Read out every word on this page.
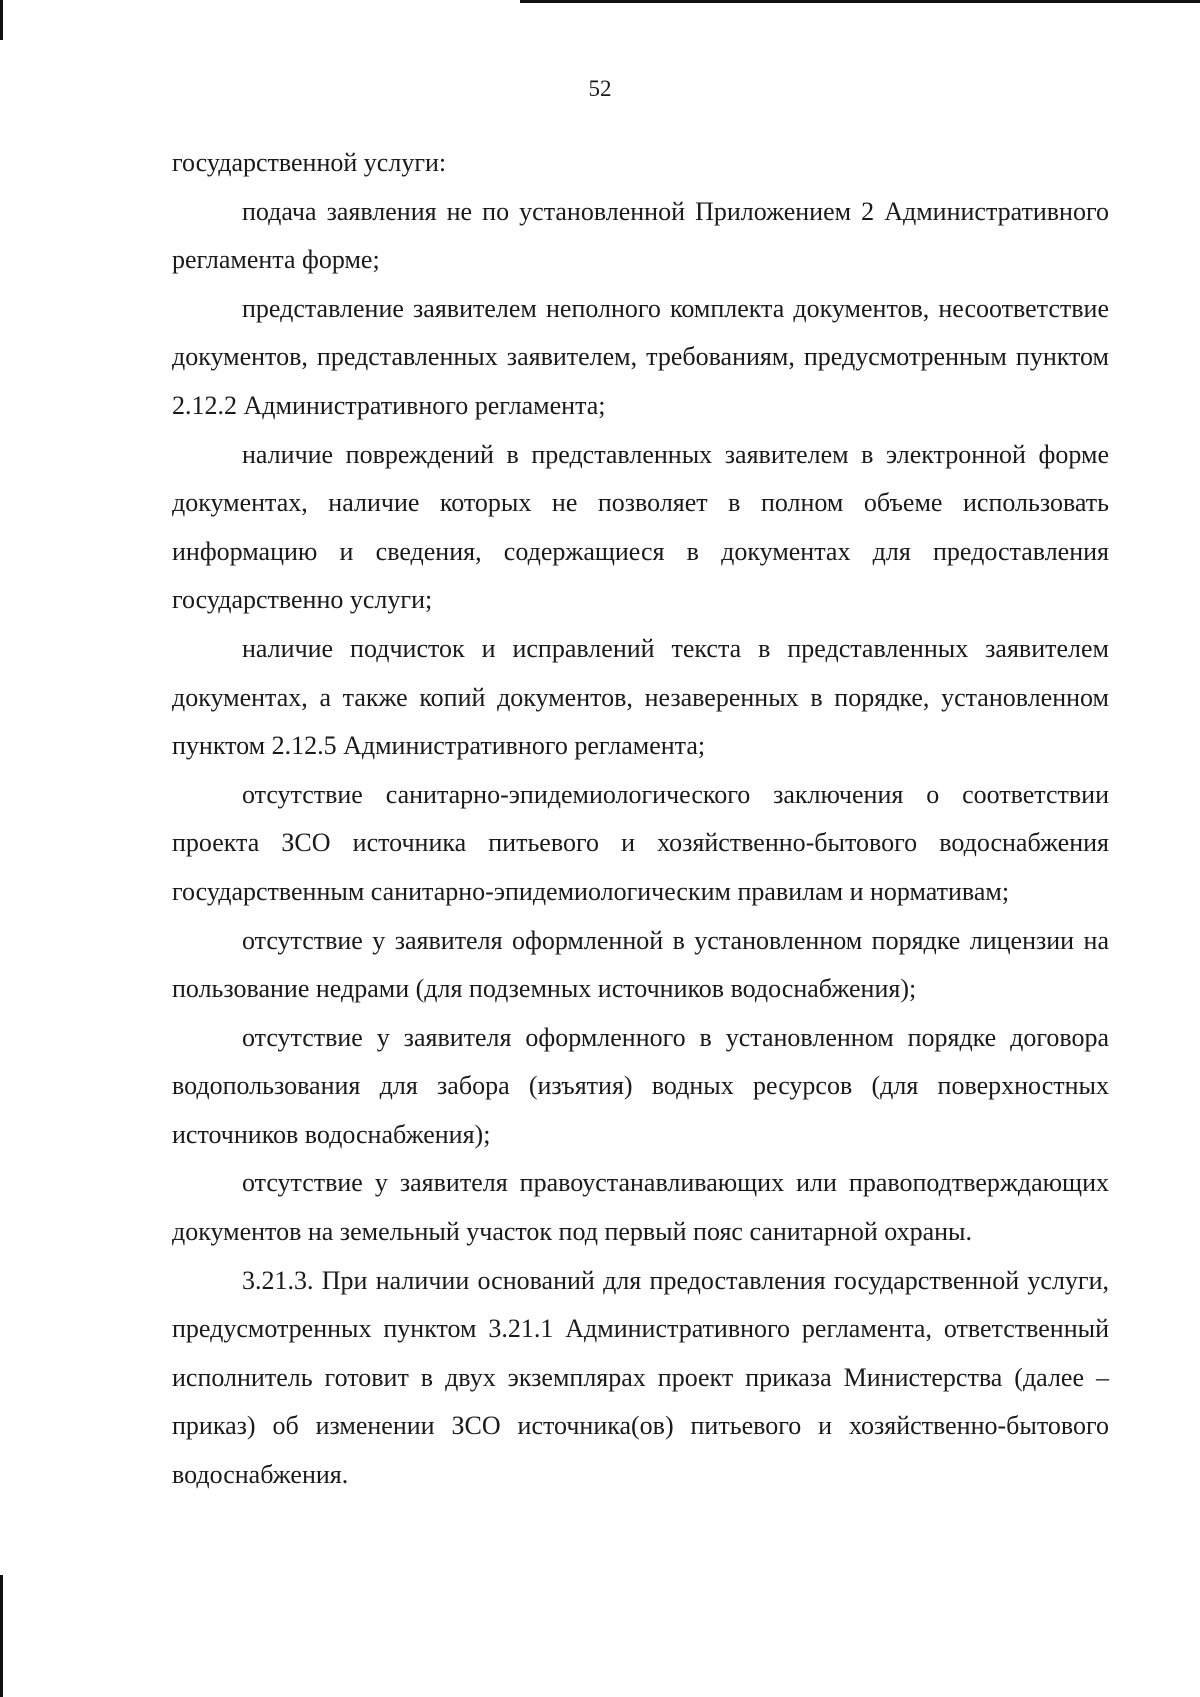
52

государственной услуги:

подача заявления не по установленной Приложением 2 Административного регламента форме;

представление заявителем неполного комплекта документов, несоответствие документов, представленных заявителем, требованиям, предусмотренным пунктом 2.12.2 Административного регламента;

наличие повреждений в представленных заявителем в электронной форме документах, наличие которых не позволяет в полном объеме использовать информацию и сведения, содержащиеся в документах для предоставления государственно услуги;

наличие подчисток и исправлений текста в представленных заявителем документах, а также копий документов, незаверенных в порядке, установленном пунктом 2.12.5 Административного регламента;

отсутствие санитарно-эпидемиологического заключения о соответствии проекта ЗСО источника питьевого и хозяйственно-бытового водоснабжения государственным санитарно-эпидемиологическим правилам и нормативам;

отсутствие у заявителя оформленной в установленном порядке лицензии на пользование недрами (для подземных источников водоснабжения);

отсутствие у заявителя оформленного в установленном порядке договора водопользования для забора (изъятия) водных ресурсов (для поверхностных источников водоснабжения);

отсутствие у заявителя правоустанавливающих или правоподтверждающих документов на земельный участок под первый пояс санитарной охраны.

3.21.3. При наличии оснований для предоставления государственной услуги, предусмотренных пунктом 3.21.1 Административного регламента, ответственный исполнитель готовит в двух экземплярах проект приказа Министерства (далее – приказ) об изменении ЗСО источника(ов) питьевого и хозяйственно-бытового водоснабжения.
